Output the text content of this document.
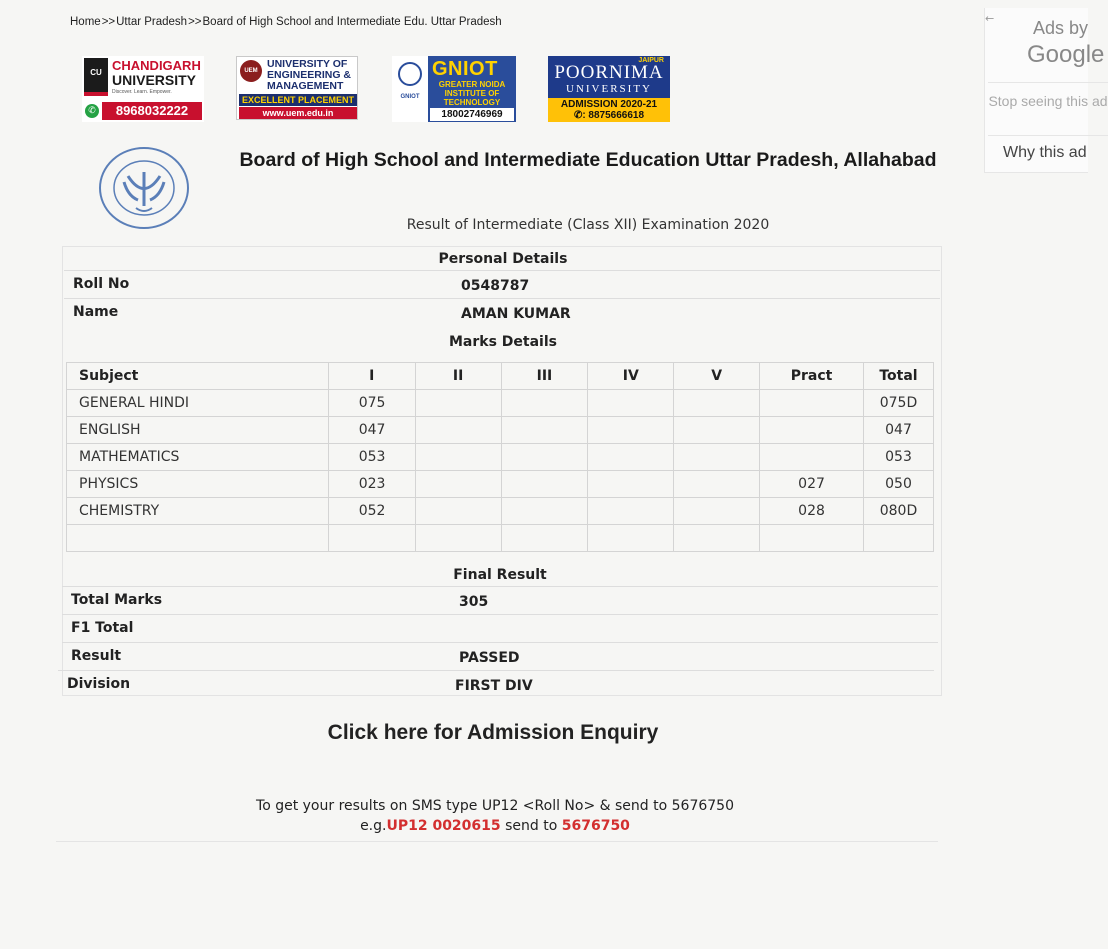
Home>>Uttar Pradesh>>Board of High School and Intermediate Edu. Uttar Pradesh
CU CHANDIGARH
UNIVERSITY
Discover. Learn. Empower.
✆	8968032222
UEM
UNIVERSITY OF ENGINEERING & MANAGEMENT
EXCELLENT PLACEMENT
www.uem.edu.in
GNIOT
GNIOT
GREATER NOIDA INSTITUTE OF TECHNOLOGY
18002746969
JAIPUR
POORNIMA
UNIVERSITY
ADMISSION 2020-21
✆: 8875666618
← Ads by
Google
Stop seeing this ad
Why this ad
Board of High School and Intermediate Education Uttar Pradesh, Allahabad
Result of Intermediate (Class XII) Examination 2020
Personal Details
Roll No	0548787
Name	AMAN KUMAR
Marks Details
Subject	I	II	III	IV	V	Pract	Total
GENERAL HINDI	075						075D
ENGLISH	047						047
MATHEMATICS	053						053
PHYSICS	023					027	050
CHEMISTRY	052					028	080D

Final Result
Total Marks	305
F1 Total
Result	PASSED
Division	FIRST DIV
Click here for Admission Enquiry
To get your results on SMS type UP12 <Roll No> & send to 5676750
e.g.UP12 0020615 send to 5676750
